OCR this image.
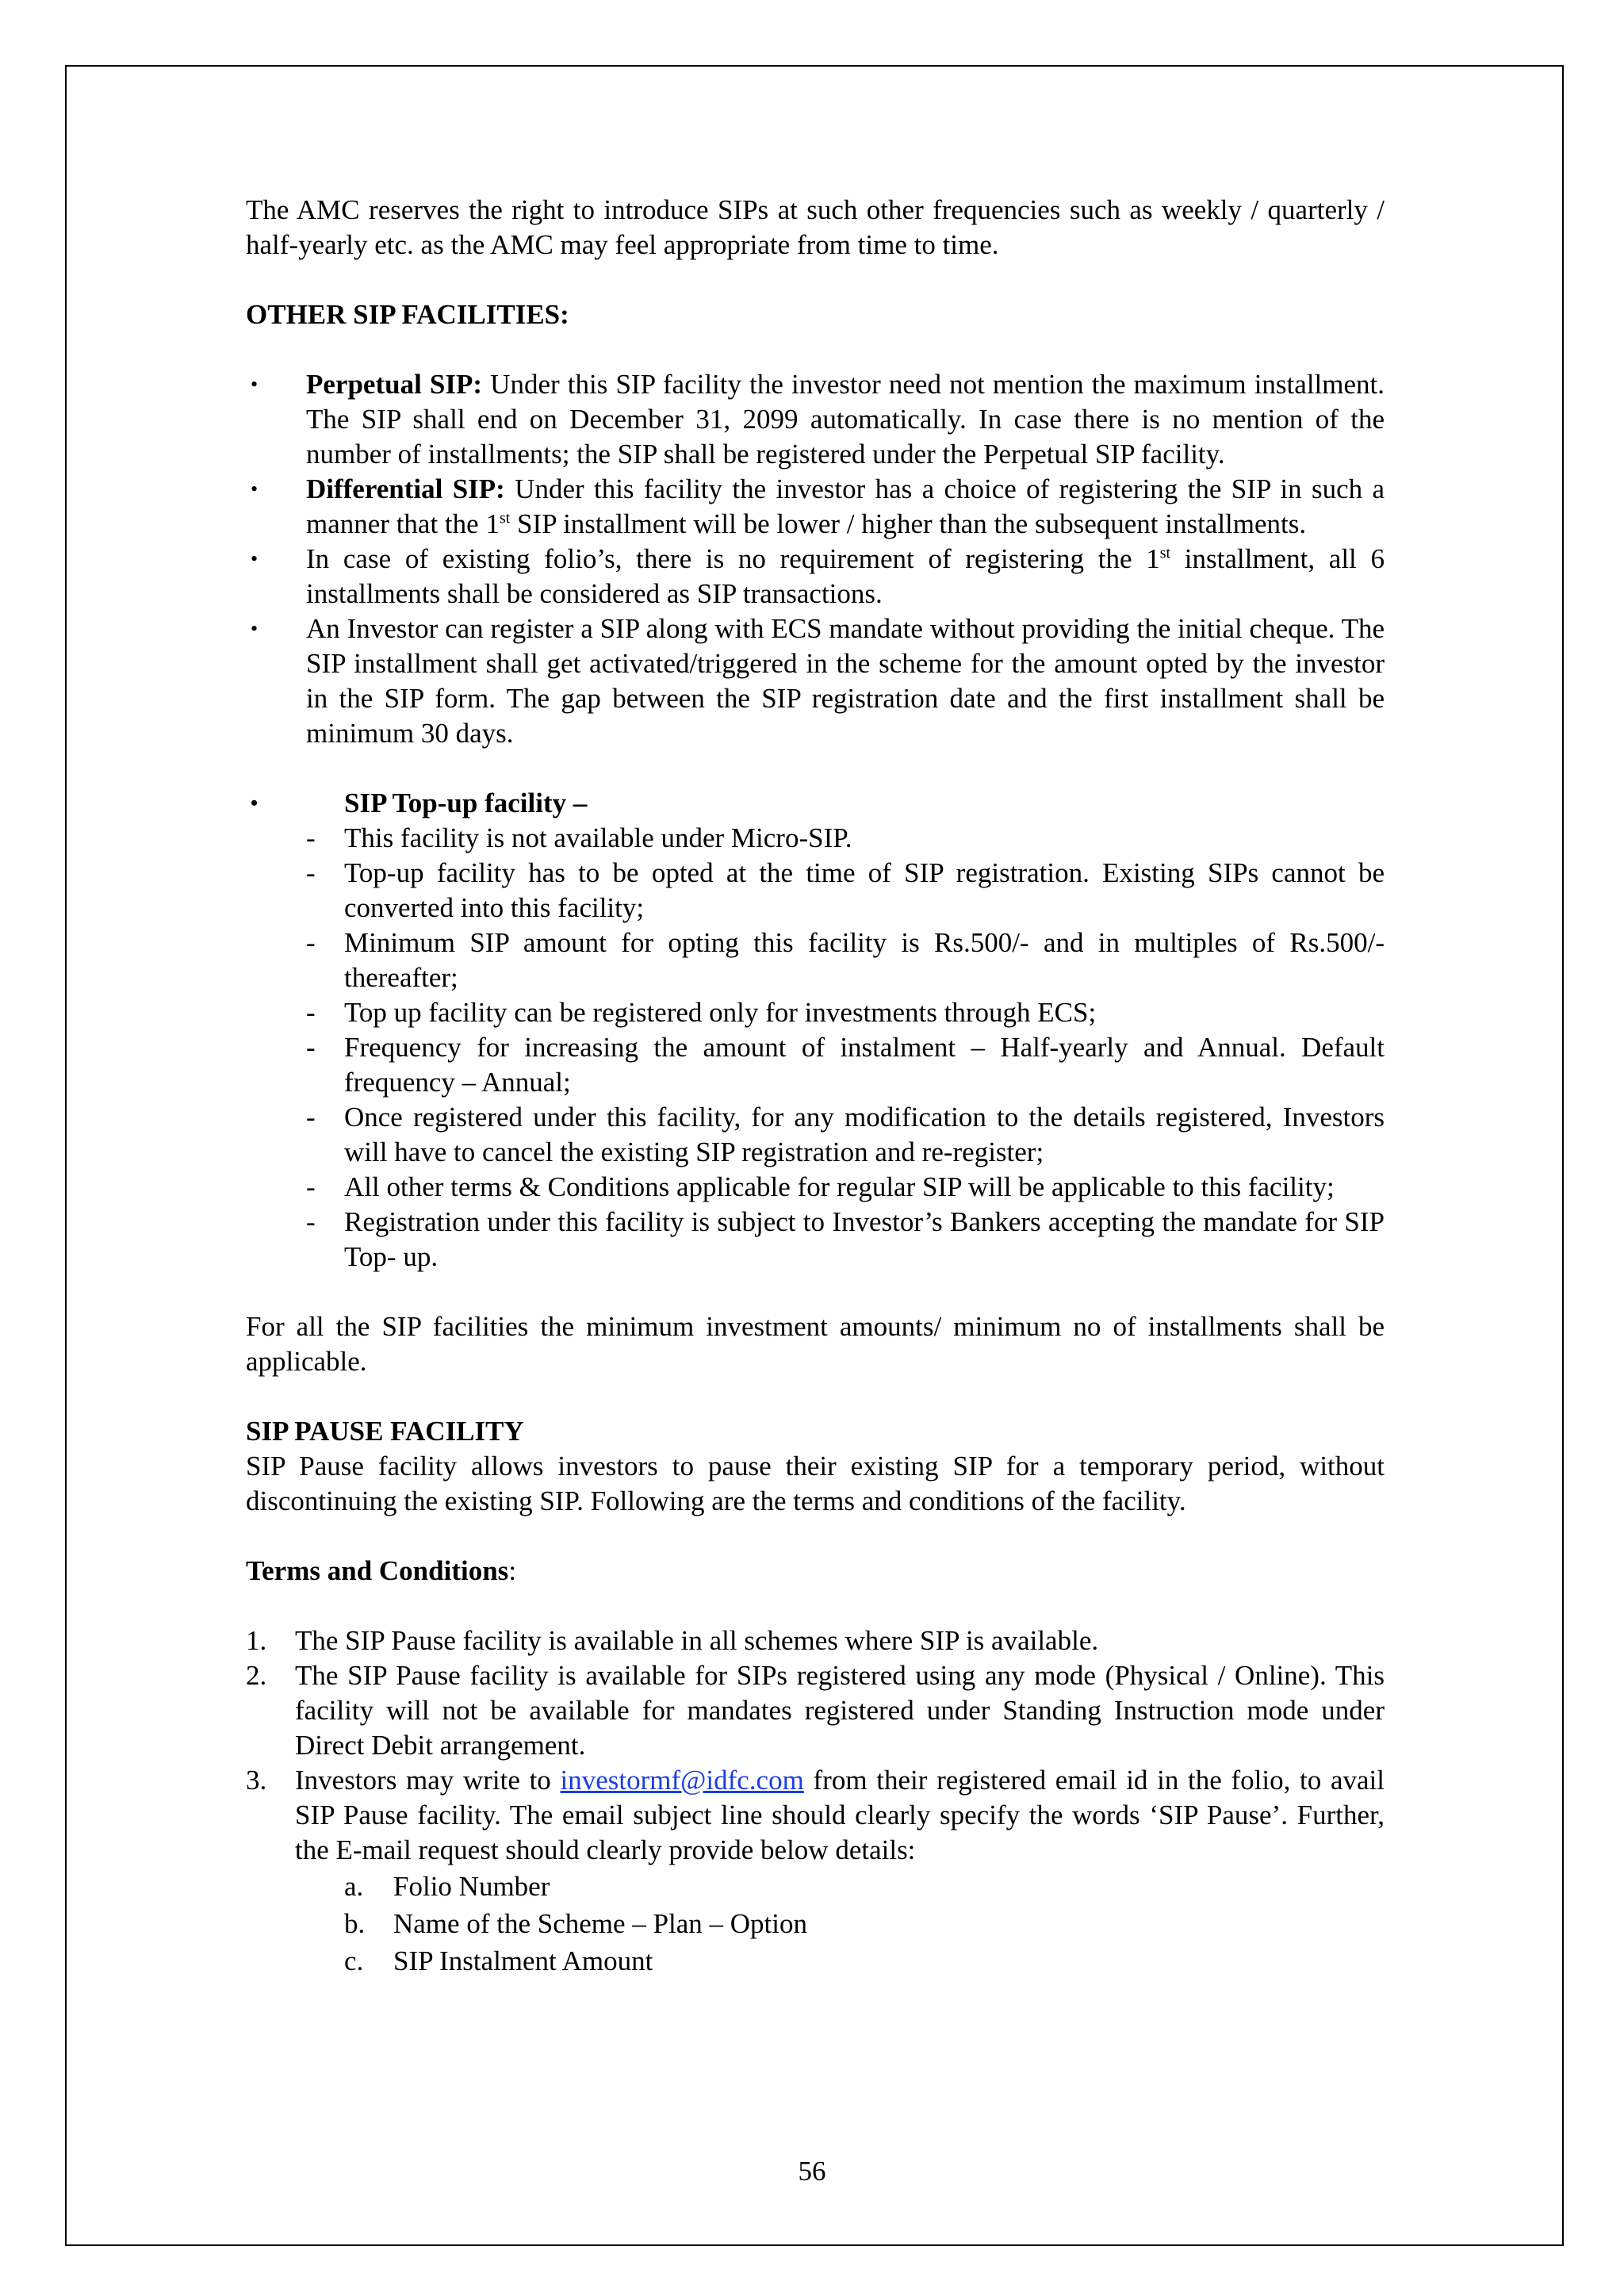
The AMC reserves the right to introduce SIPs at such other frequencies such as weekly / quarterly / half-yearly etc. as the AMC may feel appropriate from time to time.

OTHER SIP FACILITIES:

• Perpetual SIP: Under this SIP facility the investor need not mention the maximum installment. The SIP shall end on December 31, 2099 automatically. In case there is no mention of the number of installments; the SIP shall be registered under the Perpetual SIP facility.
• Differential SIP: Under this facility the investor has a choice of registering the SIP in such a manner that the 1st SIP installment will be lower / higher than the subsequent installments.
• In case of existing folio’s, there is no requirement of registering the 1st installment, all 6 installments shall be considered as SIP transactions.
• An Investor can register a SIP along with ECS mandate without providing the initial cheque. The SIP installment shall get activated/triggered in the scheme for the amount opted by the investor in the SIP form. The gap between the SIP registration date and the first installment shall be minimum 30 days.
•	SIP Top-up facility –
- This facility is not available under Micro-SIP.
- Top-up facility has to be opted at the time of SIP registration. Existing SIPs cannot be converted into this facility;
- Minimum SIP amount for opting this facility is Rs.500/- and in multiples of Rs.500/- thereafter;
- Top up facility can be registered only for investments through ECS;
- Frequency for increasing the amount of instalment – Half-yearly and Annual. Default frequency – Annual;
- Once registered under this facility, for any modification to the details registered, Investors will have to cancel the existing SIP registration and re-register;
- All other terms & Conditions applicable for regular SIP will be applicable to this facility;
- Registration under this facility is subject to Investor’s Bankers accepting the mandate for SIP Top- up.

For all the SIP facilities the minimum investment amounts/ minimum no of installments shall be applicable.

SIP PAUSE FACILITY

SIP Pause facility allows investors to pause their existing SIP for a temporary period, without discontinuing the existing SIP. Following are the terms and conditions of the facility.

Terms and Conditions:

1. The SIP Pause facility is available in all schemes where SIP is available.
2. The SIP Pause facility is available for SIPs registered using any mode (Physical / Online). This facility will not be available for mandates registered under Standing Instruction mode under Direct Debit arrangement.
3. Investors may write to investormf@idfc.com from their registered email id in the folio, to avail SIP Pause facility. The email subject line should clearly specify the words ‘SIP Pause’. Further, the E-mail request should clearly provide below details:
a. Folio Number
b. Name of the Scheme – Plan – Option
c. SIP Instalment Amount
56
